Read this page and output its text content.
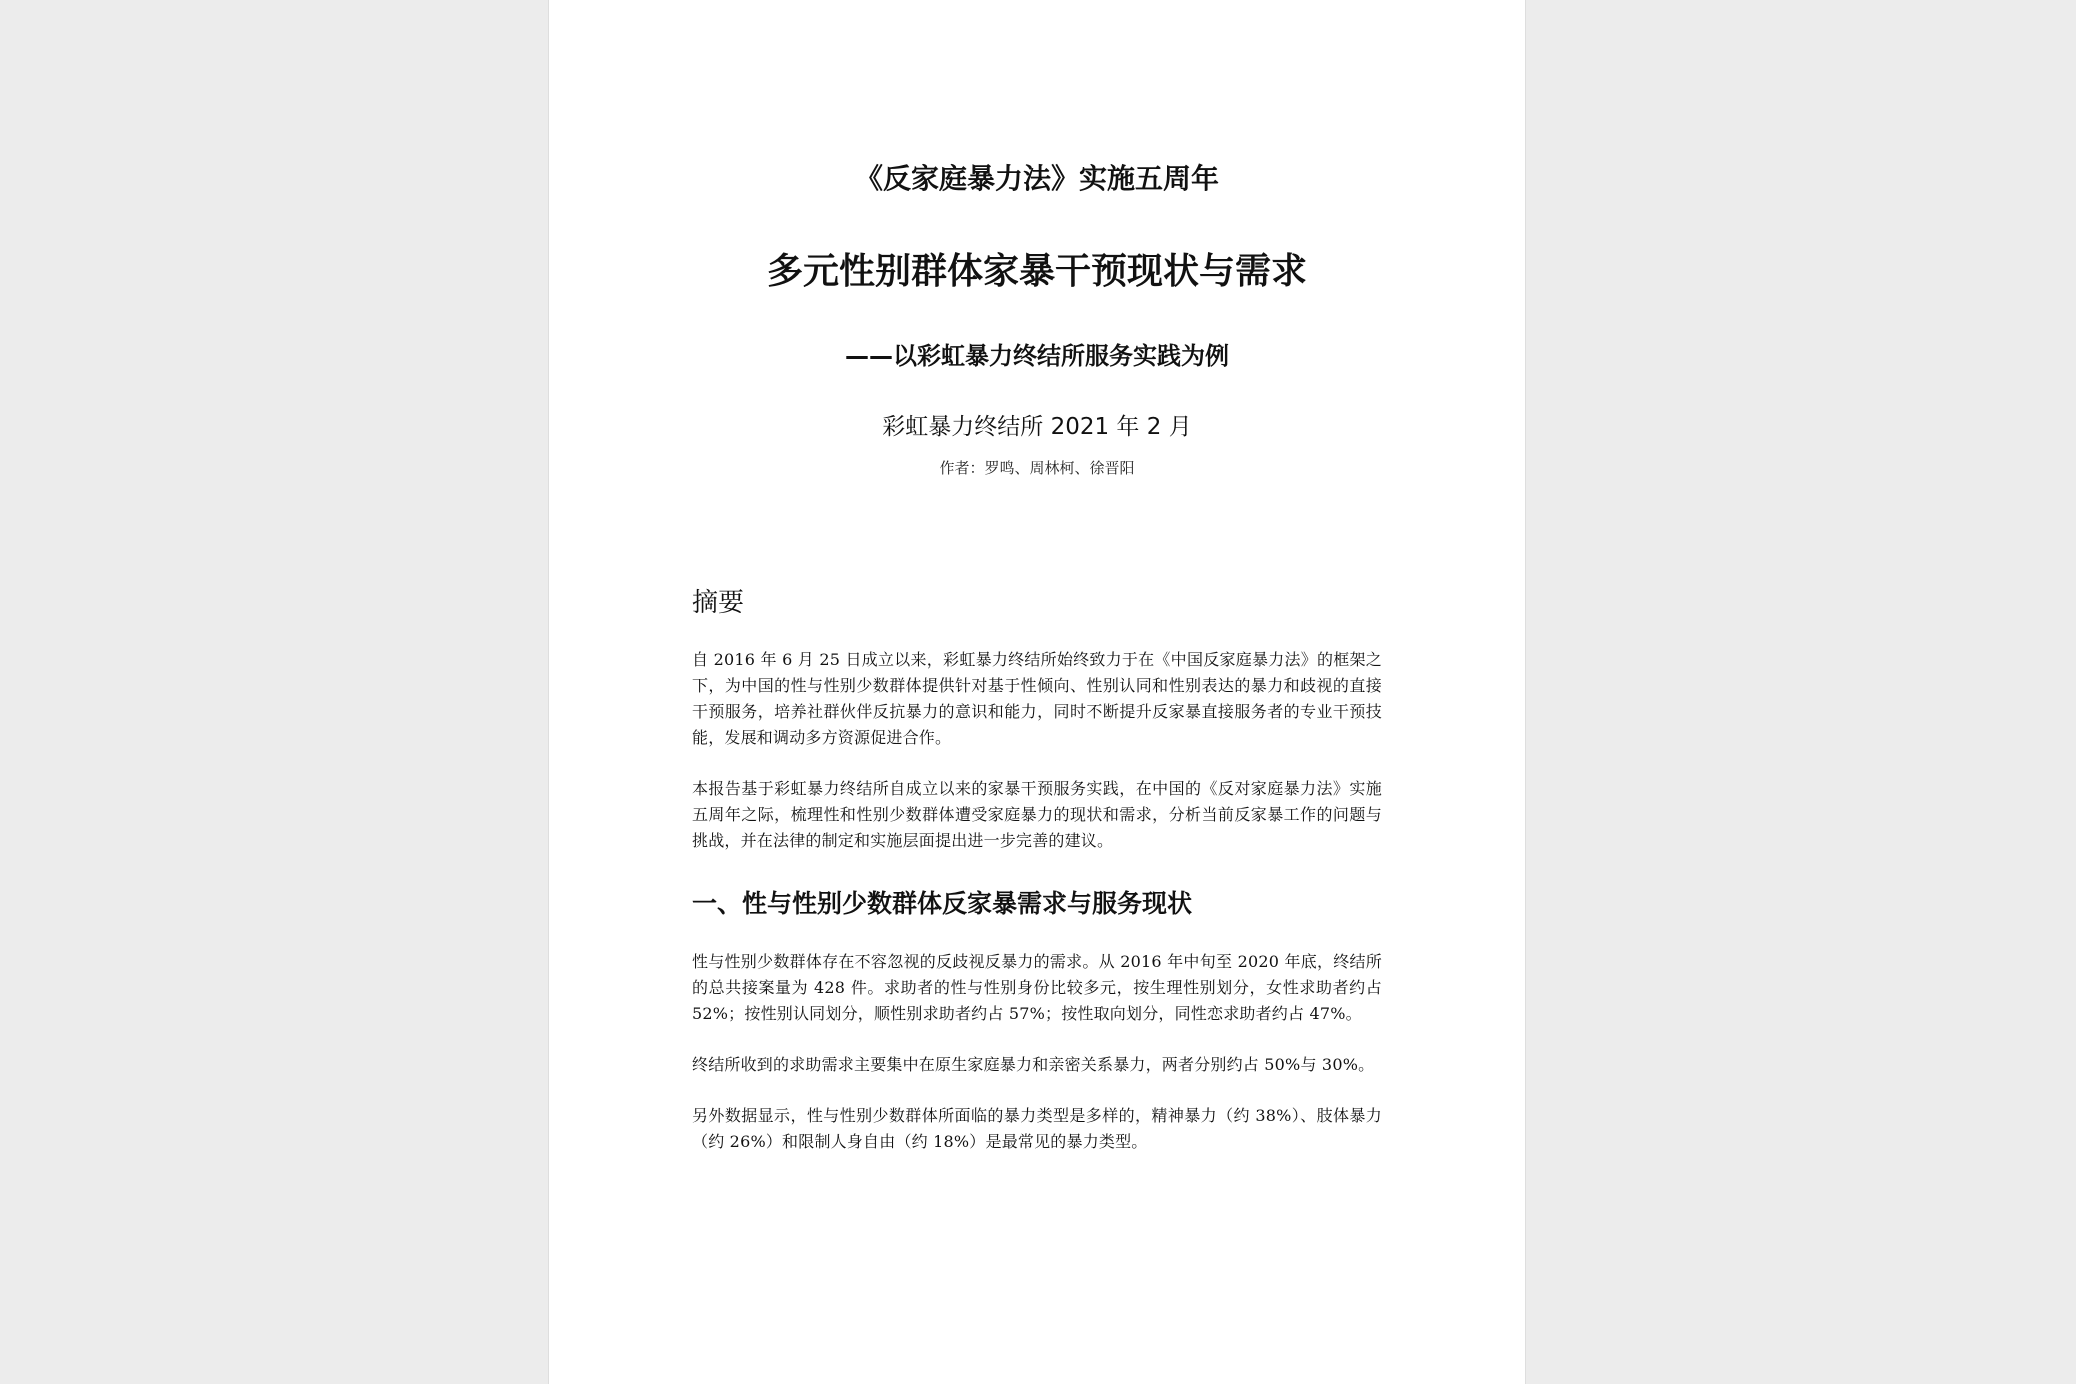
《反家庭暴力法》实施五周年
多元性别群体家暴干预现状与需求
——以彩虹暴力终结所服务实践为例
彩虹暴力终结所 2021 年 2 月
作者：罗鸣、周林柯、徐晋阳
摘要
自 2016 年 6 月 25 日成立以来，彩虹暴力终结所始终致力于在《中国反家庭暴力法》的框架之下，为中国的性与性别少数群体提供针对基于性倾向、性别认同和性别表达的暴力和歧视的直接干预服务，培养社群伙伴反抗暴力的意识和能力，同时不断提升反家暴直接服务者的专业干预技能，发展和调动多方资源促进合作。
本报告基于彩虹暴力终结所自成立以来的家暴干预服务实践，在中国的《反对家庭暴力法》实施五周年之际，梳理性和性别少数群体遭受家庭暴力的现状和需求，分析当前反家暴工作的问题与挑战，并在法律的制定和实施层面提出进一步完善的建议。
一、性与性别少数群体反家暴需求与服务现状
性与性别少数群体存在不容忽视的反歧视反暴力的需求。从 2016 年中旬至 2020 年底，终结所的总共接案量为 428 件。求助者的性与性别身份比较多元，按生理性别划分，女性求助者约占 52%；按性别认同划分，顺性别求助者约占 57%；按性取向划分，同性恋求助者约占 47%。
终结所收到的求助需求主要集中在原生家庭暴力和亲密关系暴力，两者分别约占 50%与 30%。
另外数据显示，性与性别少数群体所面临的暴力类型是多样的，精神暴力（约 38%）、肢体暴力（约 26%）和限制人身自由（约 18%）是最常见的暴力类型。
